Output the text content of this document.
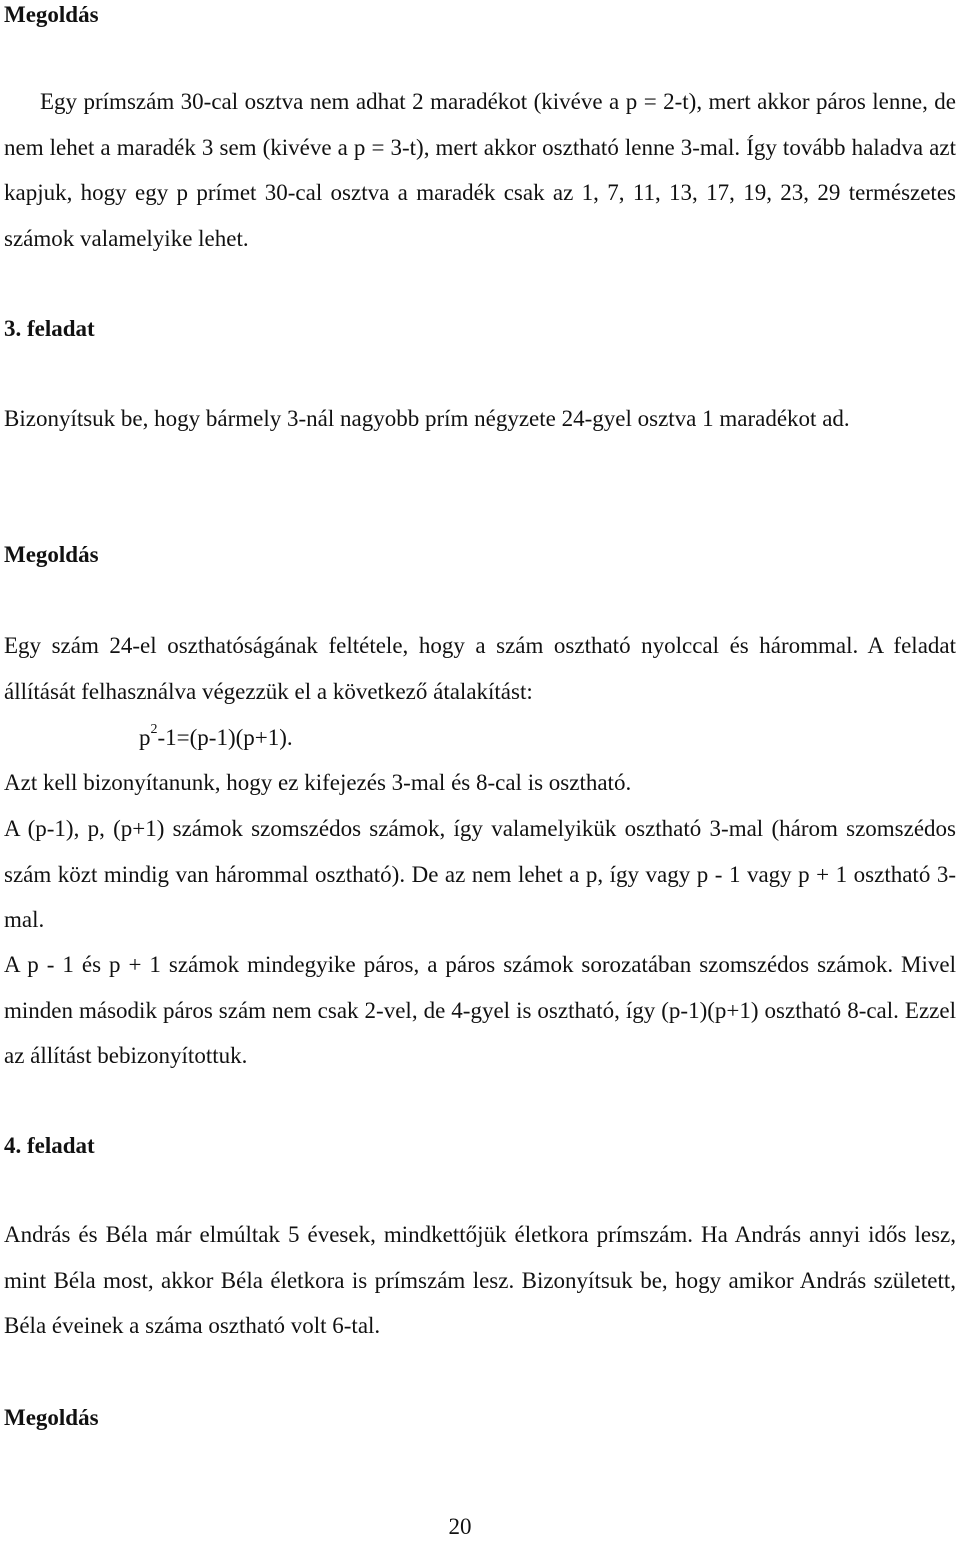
Megoldás

Egy prímszám 30-cal osztva nem adhat 2 maradékot (kivéve a p = 2-t), mert akkor páros lenne, de nem lehet a maradék 3 sem (kivéve a p = 3-t), mert akkor osztható lenne 3-mal. Így tovább haladva azt kapjuk, hogy egy p prímet 30-cal osztva a maradék csak az 1, 7, 11, 13, 17, 19, 23, 29 természetes számok valamelyike lehet.

3. feladat

Bizonyítsuk be, hogy bármely 3-nál nagyobb prím négyzete 24-gyel osztva 1 maradékot ad.

Megoldás

Egy szám 24-el oszthatóságának feltétele, hogy a szám osztható nyolccal és hárommal. A feladat állítását felhasználva végezzük el a következő átalakítást:

$p^2-1=(p-1)(p+1)$.

Azt kell bizonyítanunk, hogy ez kifejezés 3-mal és 8-cal is osztható.

A (p-1), p, (p+1) számok szomszédos számok, így valamelyikük osztható 3-mal (három szomszédos szám közt mindig van hárommal osztható). De az nem lehet a p, így vagy p - 1 vagy p + 1 osztható 3-mal.

A p - 1 és p + 1 számok mindegyike páros, a páros számok sorozatában szomszédos számok. Mivel minden második páros szám nem csak 2-vel, de 4-gyel is osztható, így (p-1)(p+1) osztható 8-cal. Ezzel az állítást bebizonyítottuk.

4. feladat

András és Béla már elmúltak 5 évesek, mindkettőjük életkora prímszám. Ha András annyi idős lesz, mint Béla most, akkor Béla életkora is prímszám lesz. Bizonyítsuk be, hogy amikor András született, Béla éveinek a száma osztható volt 6-tal.

Megoldás
20
